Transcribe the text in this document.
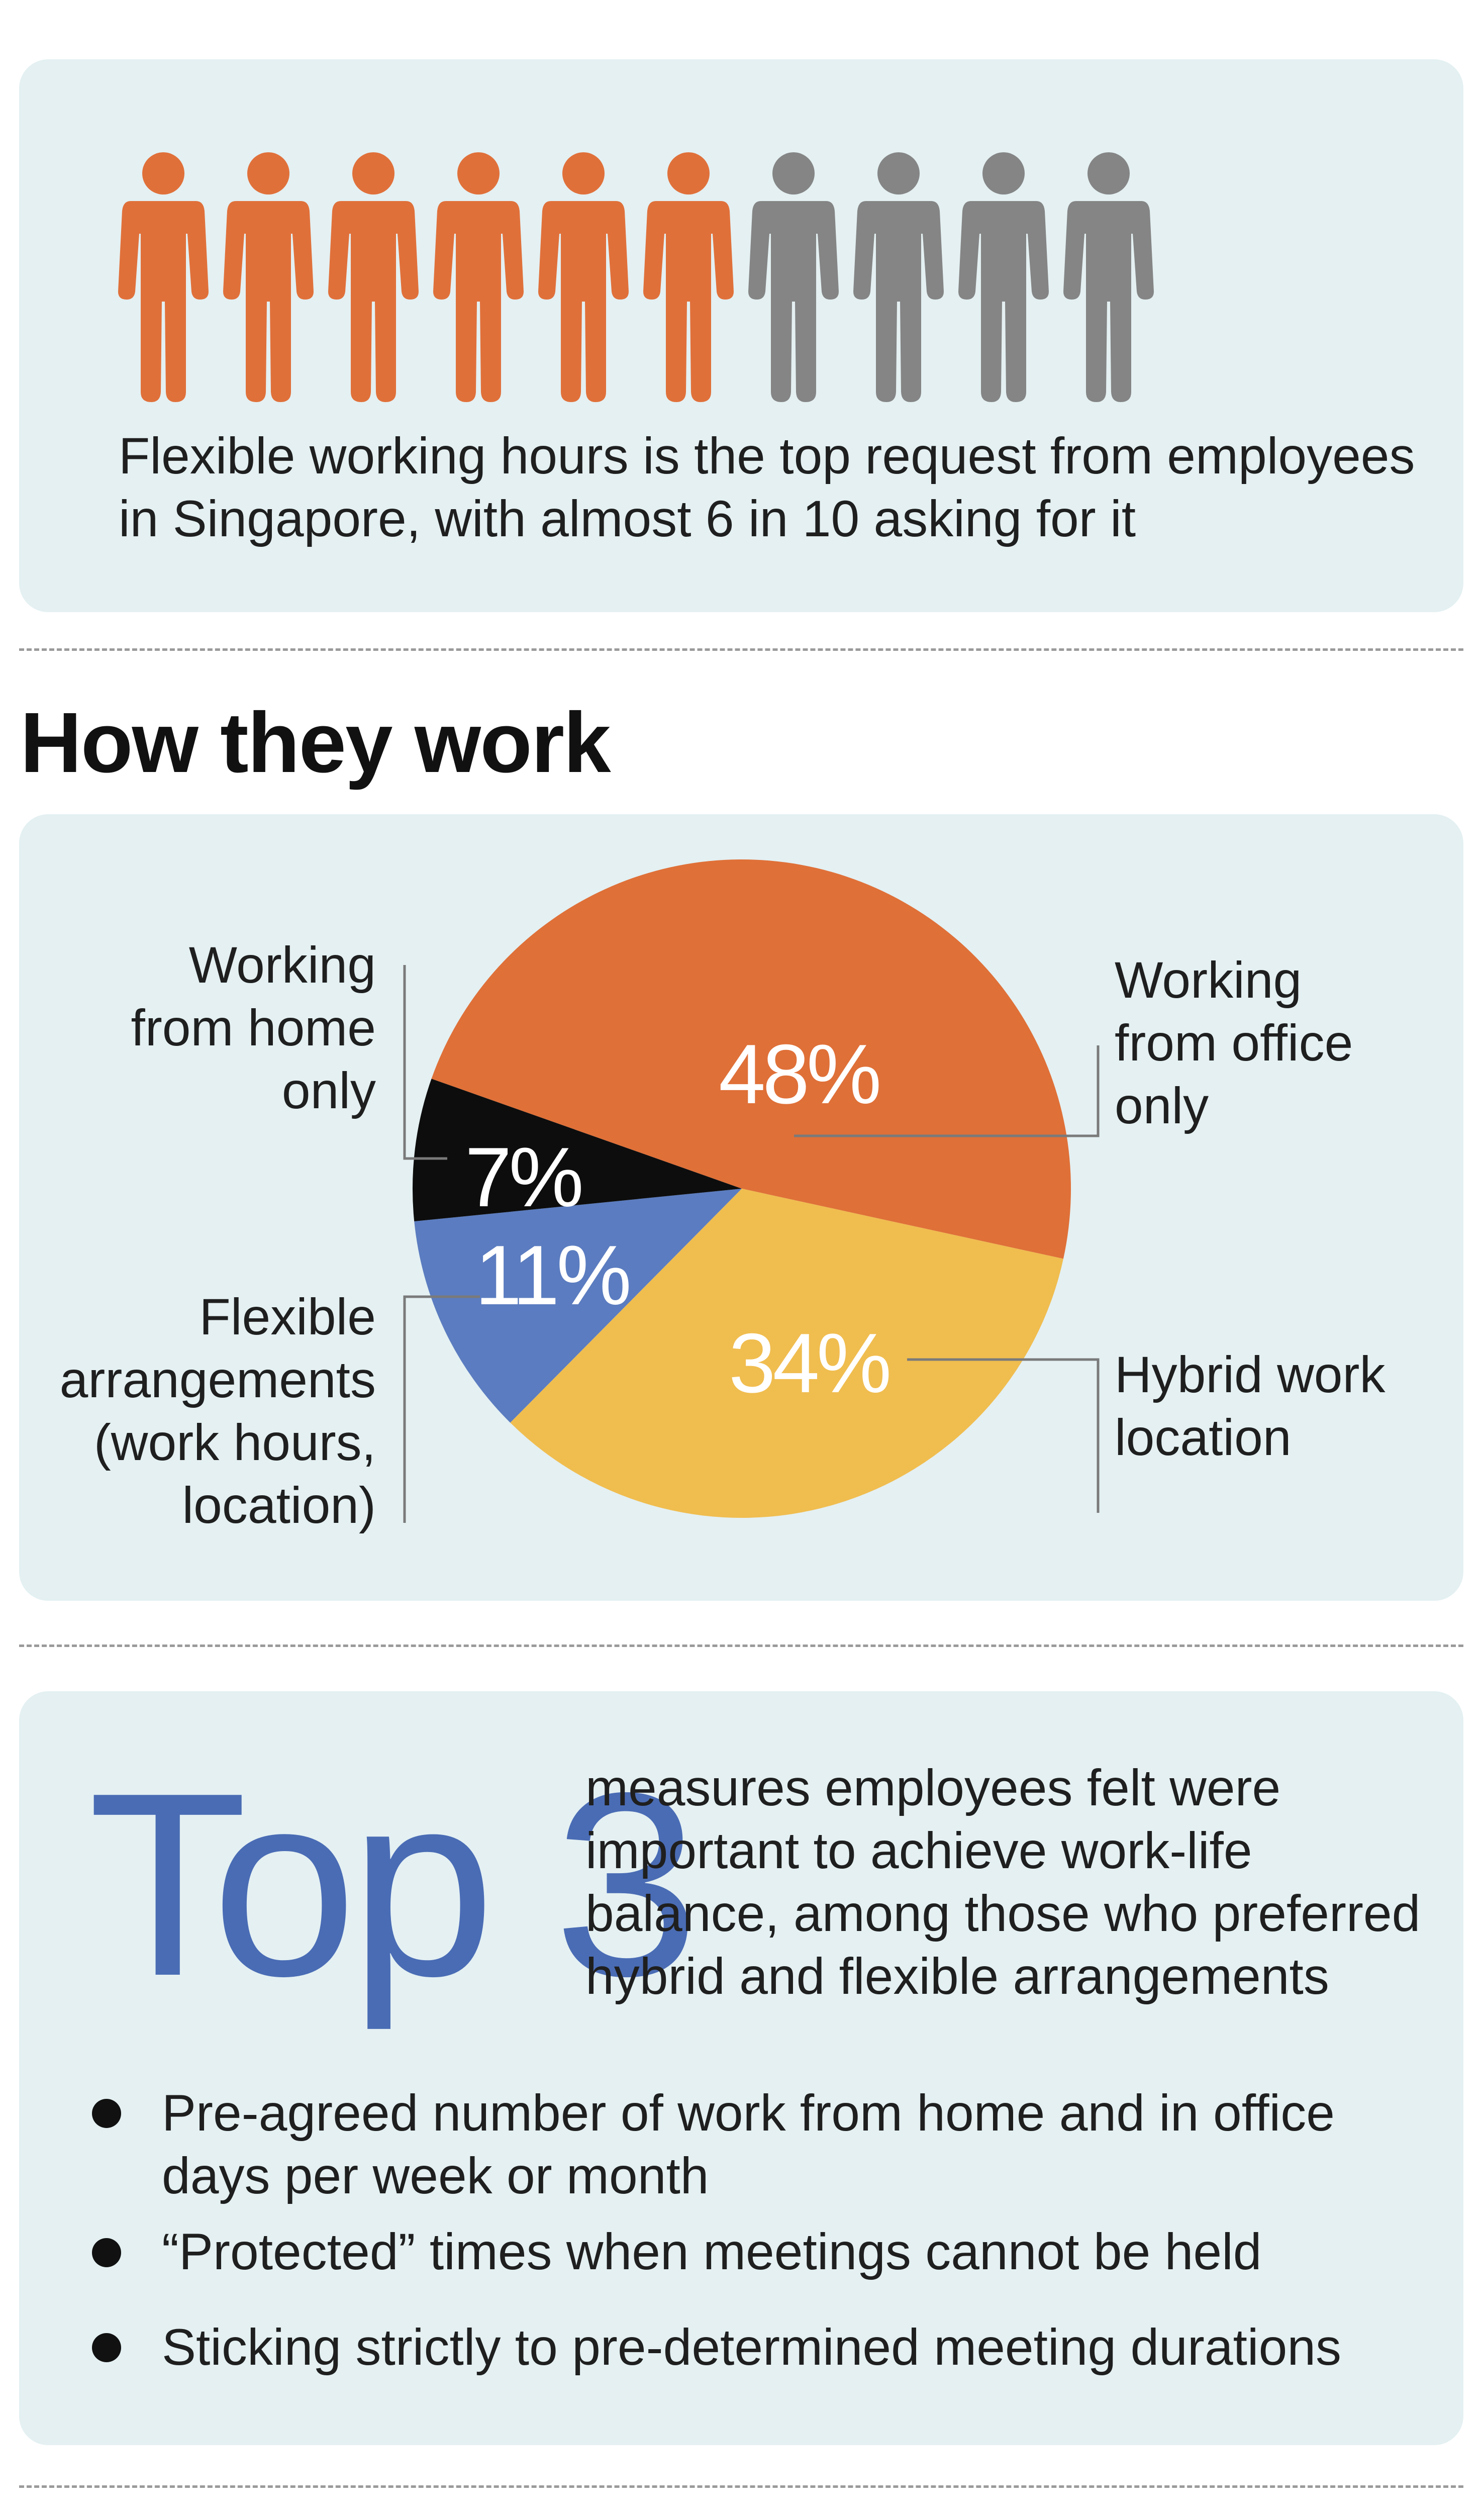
Flexible working hours is the top request from employees
in Singapore, with almost 6 in 10 asking for it
How they work
48%
34%
11%
7%
Working
from office
only
Hybrid work
location
Flexible
arrangements
(work hours,
location)
Working
from home
only
Top 3
measures employees felt were
important to achieve work-life
balance, among those who preferred
hybrid and flexible arrangements
Pre-agreed number of work from home and in office
days per week or month
“Protected” times when meetings cannot be held
Sticking strictly to pre-determined meeting durations
